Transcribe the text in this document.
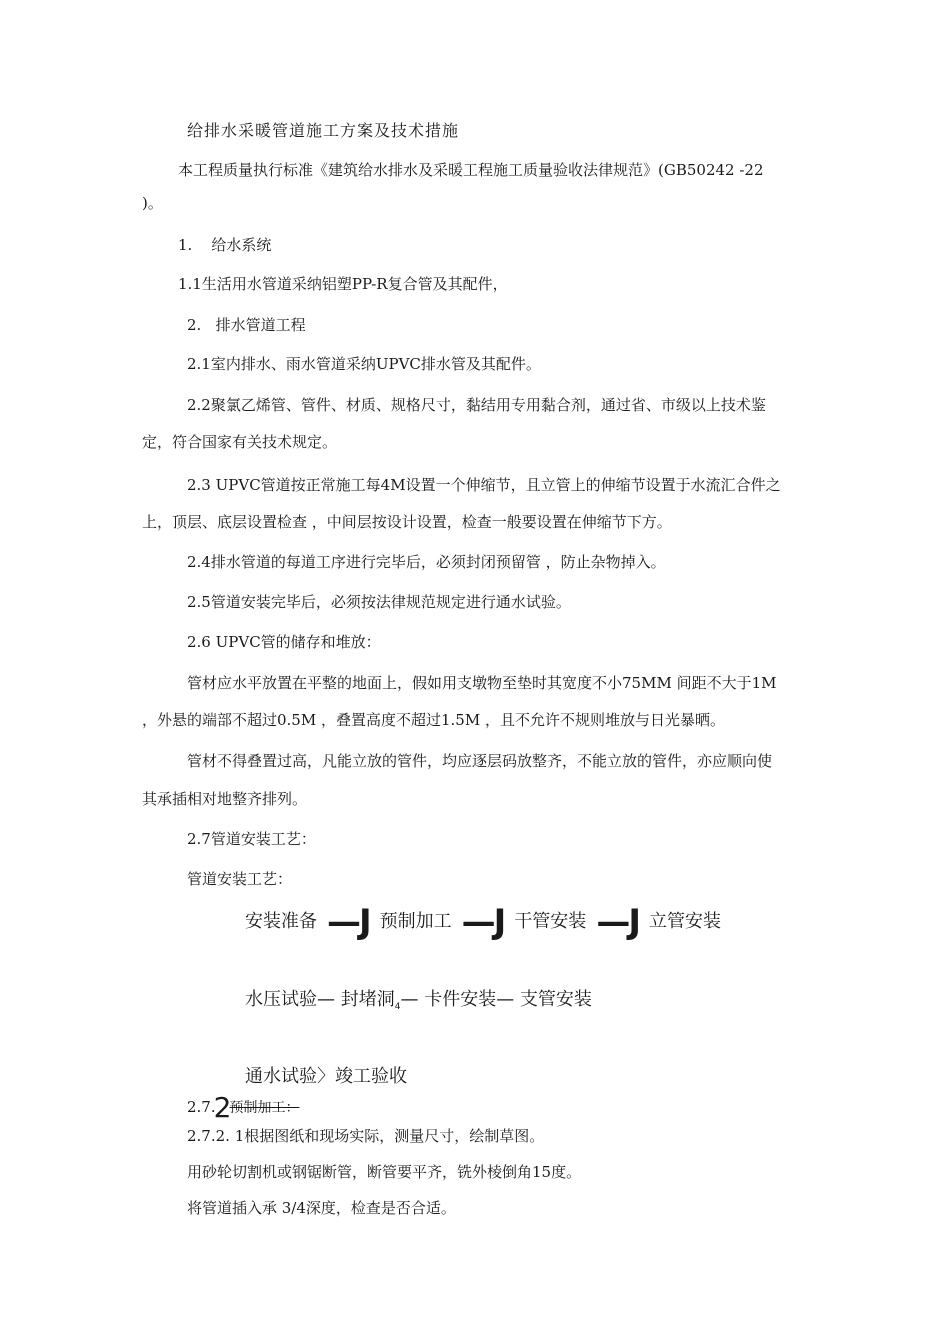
给排水采暖管道施工方案及技术措施
本工程质量执行标准《建筑给水排水及采暖工程施工质量验收法律规范》(GB50242 -22
)。
1.    给水系统
1.1生活用水管道采纳铝塑PP-R复合管及其配件，
2.   排水管道工程
2.1室内排水、雨水管道采纳UPVC排水管及其配件。
2.2聚氯乙烯管、管件、材质、规格尺寸，黏结用专用黏合剂，通过省、市级以上技术鉴
定，符合国家有关技术规定。
2.3 UPVC管道按正常施工每4M设置一个伸缩节，且立管上的伸缩节设置于水流汇合件之
上，顶层、底层设置检查 ，中间层按设计设置，检查一般要设置在伸缩节下方。
2.4排水管道的每道工序进行完毕后，必须封闭预留管 ，防止杂物掉入。
2.5管道安装完毕后，必须按法律规范规定进行通水试验。
2.6 UPVC管的储存和堆放：
管材应水平放置在平整的地面上，假如用支墩物至垫时其宽度不小75MM 间距不大于1M
，外悬的端部不超过0.5M ，叠置高度不超过1.5M ，且不允许不规则堆放与日光暴晒。
管材不得叠置过高，凡能立放的管件，均应逐层码放整齐，不能立放的管件，亦应顺向使
其承插相对地整齐排列。
2.7管道安装工艺：
管道安装工艺：
安装准备 —J 预制加工 —J 干管安装 —J 立管安装
水压试验— 封堵洞$_4$— 卡件安装— 支管安装
通水试验〉竣工验收
2.7.2预制加工：
2.7.2. 1根据图纸和现场实际，测量尺寸，绘制草图。
用砂轮切割机或钢锯断管，断管要平齐，铣外棱倒角15度。
将管道插入承 3/4深度，检查是否合适。
